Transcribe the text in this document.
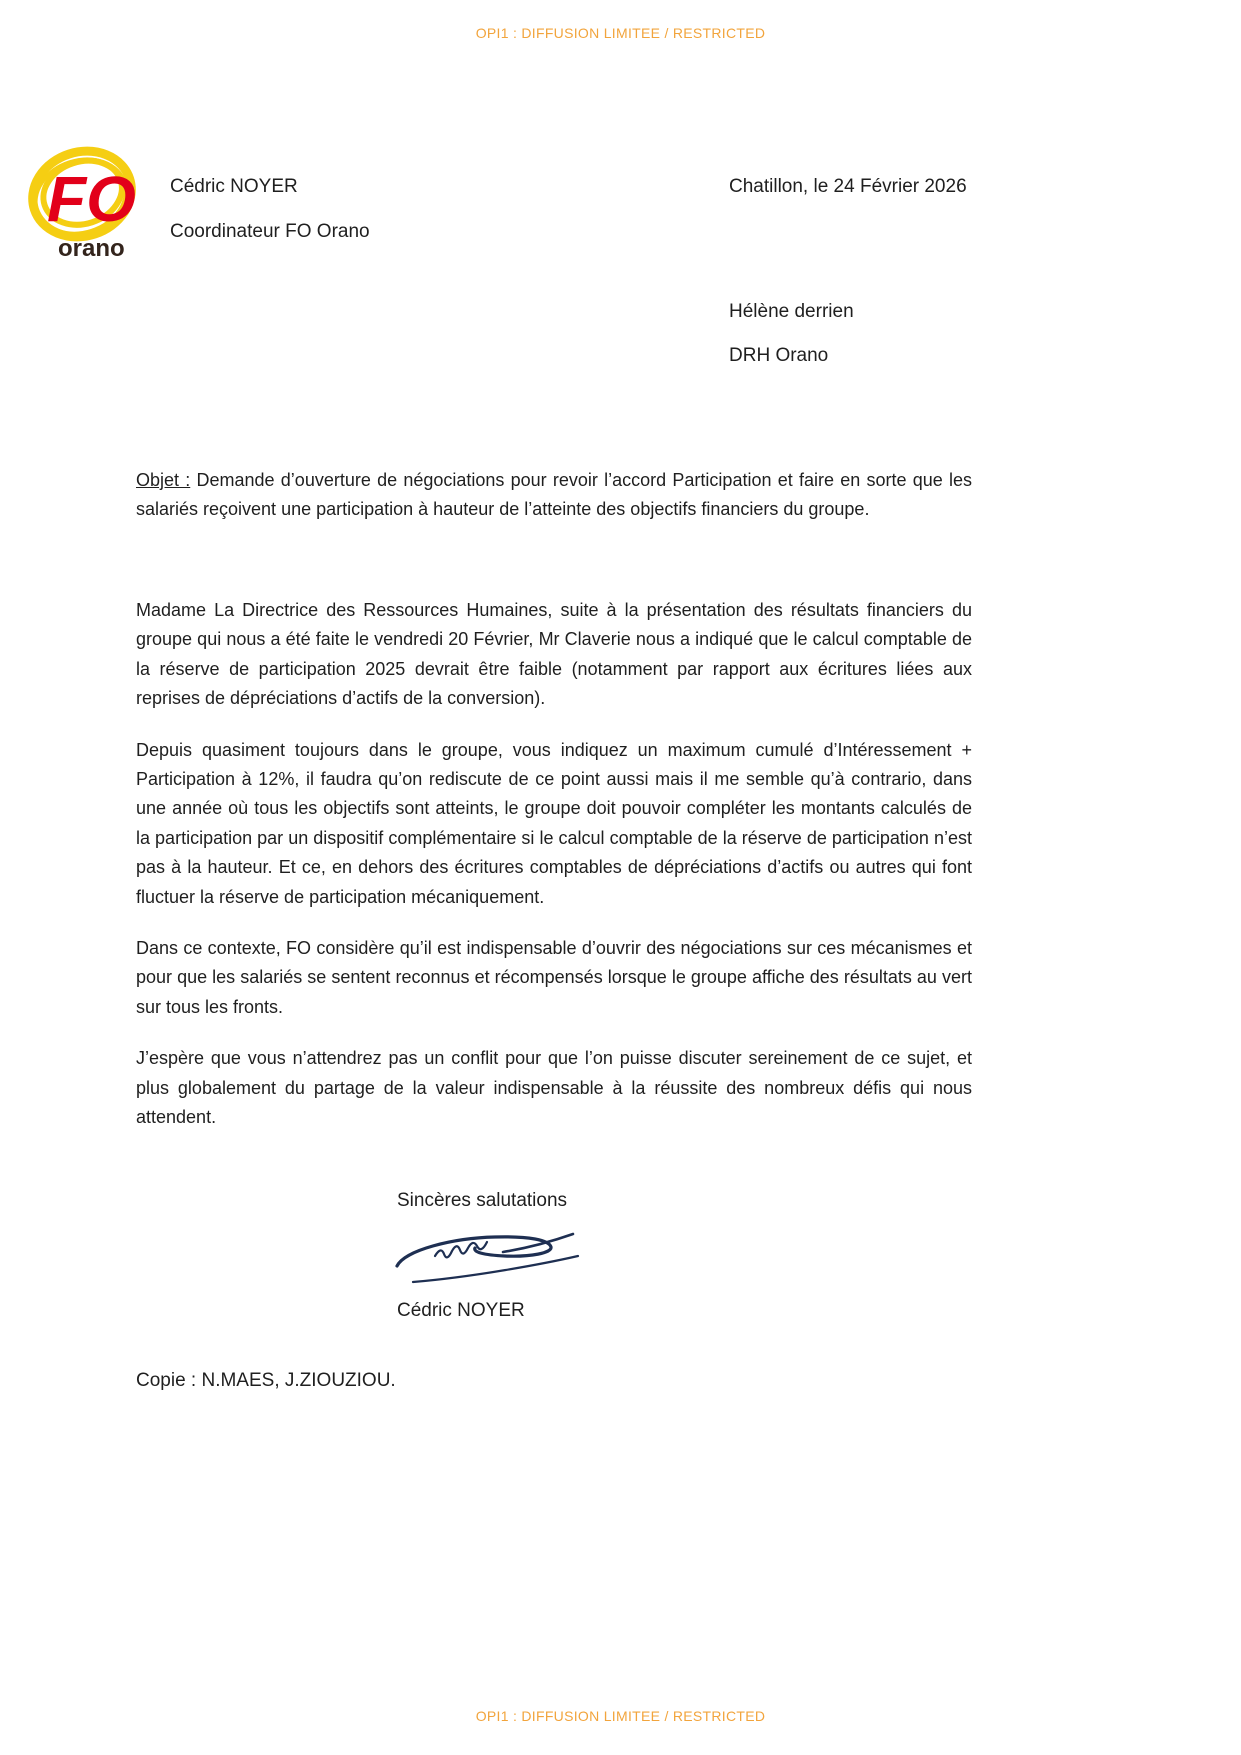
OPI1 : DIFFUSION LIMITEE / RESTRICTED
FO
orano
Cédric NOYER
Coordinateur FO Orano
Chatillon, le 24 Février 2026
Hélène derrien
DRH Orano
Objet : Demande d’ouverture de négociations pour revoir l’accord Participation et faire en sorte que les salariés reçoivent une participation à hauteur de l’atteinte des objectifs financiers du groupe.

Madame La Directrice des Ressources Humaines, suite à la présentation des résultats financiers du groupe qui nous a été faite le vendredi 20 Février, Mr Claverie nous a indiqué que le calcul comptable de la réserve de participation 2025 devrait être faible (notamment par rapport aux écritures liées aux reprises de dépréciations d’actifs de la conversion).

Depuis quasiment toujours dans le groupe, vous indiquez un maximum cumulé d’Intéressement + Participation à 12%, il faudra qu’on rediscute de ce point aussi mais il me semble qu’à contrario, dans une année où tous les objectifs sont atteints, le groupe doit pouvoir compléter les montants calculés de la participation par un dispositif complémentaire si le calcul comptable de la réserve de participation n’est pas à la hauteur. Et ce, en dehors des écritures comptables de dépréciations d’actifs ou autres qui font fluctuer la réserve de participation mécaniquement.

Dans ce contexte, FO considère qu’il est indispensable d’ouvrir des négociations sur ces mécanismes et pour que les salariés se sentent reconnus et récompensés lorsque le groupe affiche des résultats au vert sur tous les fronts.

J’espère que vous n’attendrez pas un conflit pour que l’on puisse discuter sereinement de ce sujet, et plus globalement du partage de la valeur indispensable à la réussite des nombreux défis qui nous attendent.

Sincères salutations
Cédric NOYER
Copie : N.MAES, J.ZIOUZIOU.
OPI1 : DIFFUSION LIMITEE / RESTRICTED
